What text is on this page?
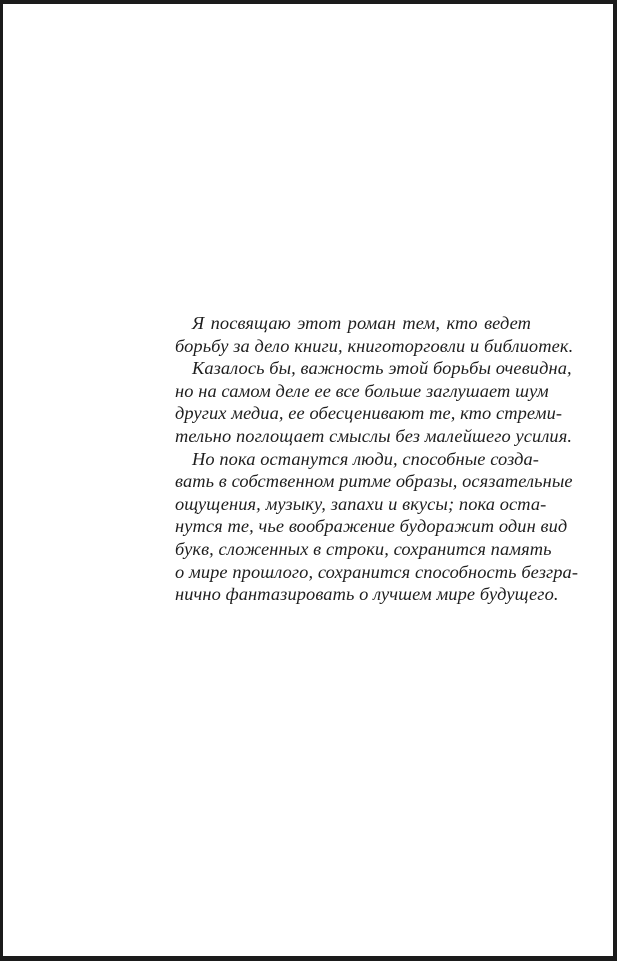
Я посвящаю этот роман тем, кто ведет
борьбу за дело книги, книготорговли и библиотек.
Казалось бы, важность этой борьбы очевидна,
но на самом деле ее все больше заглушает шум
других медиа, ее обесценивают те, кто стреми-
тельно поглощает смыслы без малейшего усилия.
Но пока останутся люди, способные созда-
вать в собственном ритме образы, осязательные
ощущения, музыку, запахи и вкусы; пока оста-
нутся те, чье воображение будоражит один вид
букв, сложенных в строки, сохранится память
о мире прошлого, сохранится способность безгра-
нично фантазировать о лучшем мире будущего.
